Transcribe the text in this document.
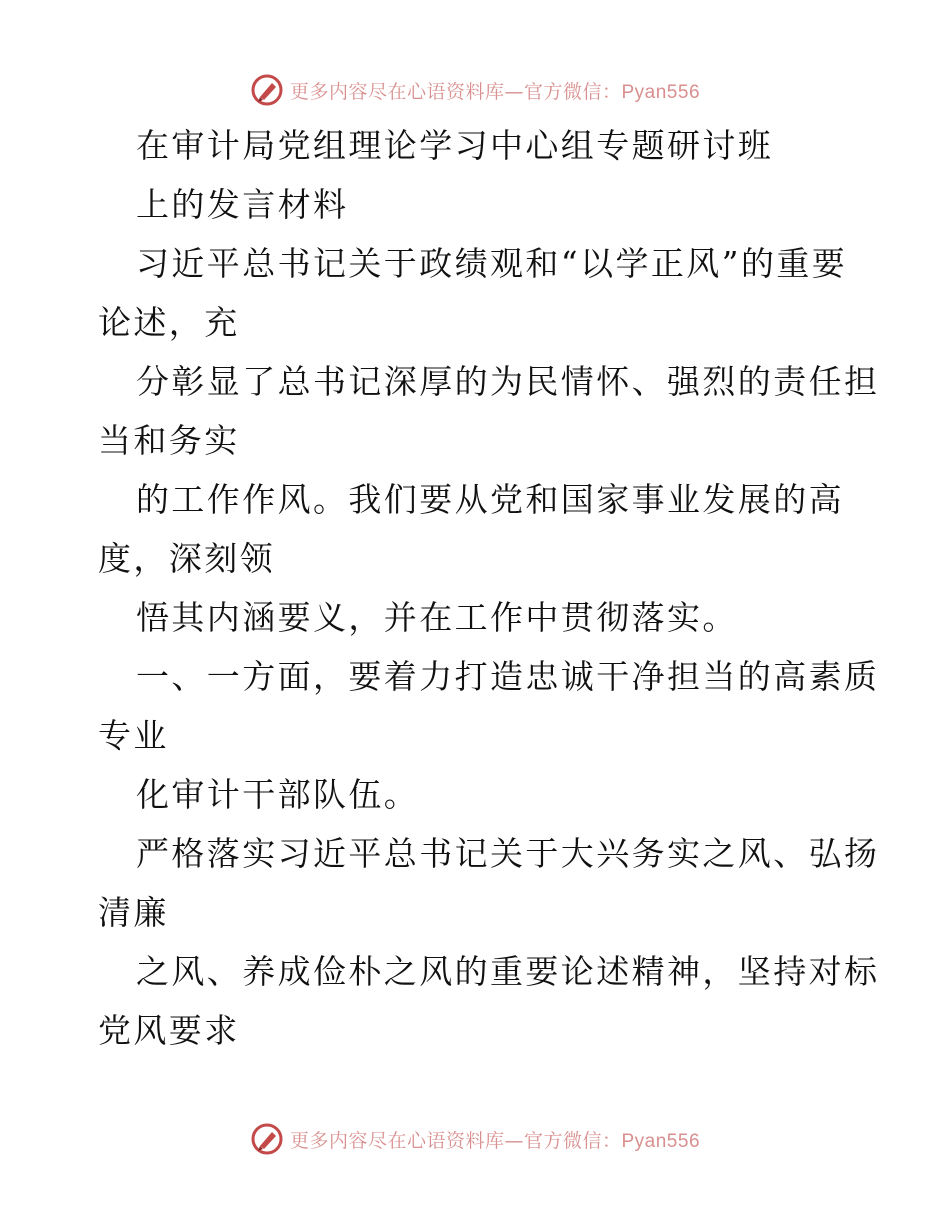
更多内容尽在心语资料库—官方微信：Pyan556
在审计局党组理论学习中心组专题研讨班
上的发言材料
习近平总书记关于政绩观和“以学正风”的重要
论述，充
分彰显了总书记深厚的为民情怀、强烈的责任担
当和务实
的工作作风。我们要从党和国家事业发展的高
度，深刻领
悟其内涵要义，并在工作中贯彻落实。
一、一方面，要着力打造忠诚干净担当的高素质
专业
化审计干部队伍。
严格落实习近平总书记关于大兴务实之风、弘扬
清廉
之风、养成俭朴之风的重要论述精神，坚持对标
党风要求
更多内容尽在心语资料库—官方微信：Pyan556
